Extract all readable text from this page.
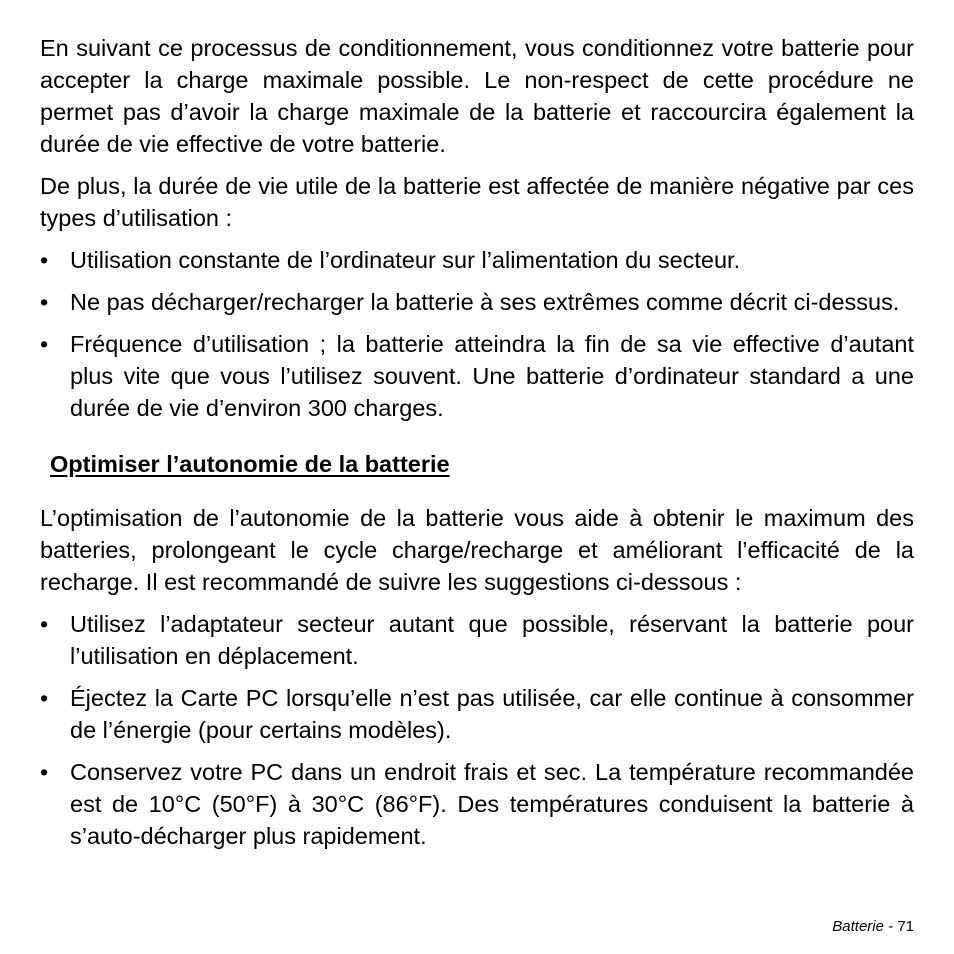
En suivant ce processus de conditionnement, vous conditionnez votre batterie pour accepter la charge maximale possible. Le non-respect de cette procédure ne permet pas d’avoir la charge maximale de la batterie et raccourcira également la durée de vie effective de votre batterie.

De plus, la durée de vie utile de la batterie est affectée de manière négative par ces types d’utilisation :

• Utilisation constante de l’ordinateur sur l’alimentation du secteur.
• Ne pas décharger/recharger la batterie à ses extrêmes comme décrit ci-dessus.
• Fréquence d’utilisation ; la batterie atteindra la fin de sa vie effective d’autant plus vite que vous l’utilisez souvent. Une batterie d’ordinateur standard a une durée de vie d’environ 300 charges.
Optimiser l’autonomie de la batterie

L’optimisation de l’autonomie de la batterie vous aide à obtenir le maximum des batteries, prolongeant le cycle charge/recharge et améliorant l’efficacité de la recharge. Il est recommandé de suivre les suggestions ci-dessous :

• Utilisez l’adaptateur secteur autant que possible, réservant la batterie pour l’utilisation en déplacement.
• Éjectez la Carte PC lorsqu’elle n’est pas utilisée, car elle continue à consommer de l’énergie (pour certains modèles).
• Conservez votre PC dans un endroit frais et sec. La température recommandée est de 10°C (50°F) à 30°C (86°F). Des températures conduisent la batterie à s’auto-décharger plus rapidement.
Batterie - 71
